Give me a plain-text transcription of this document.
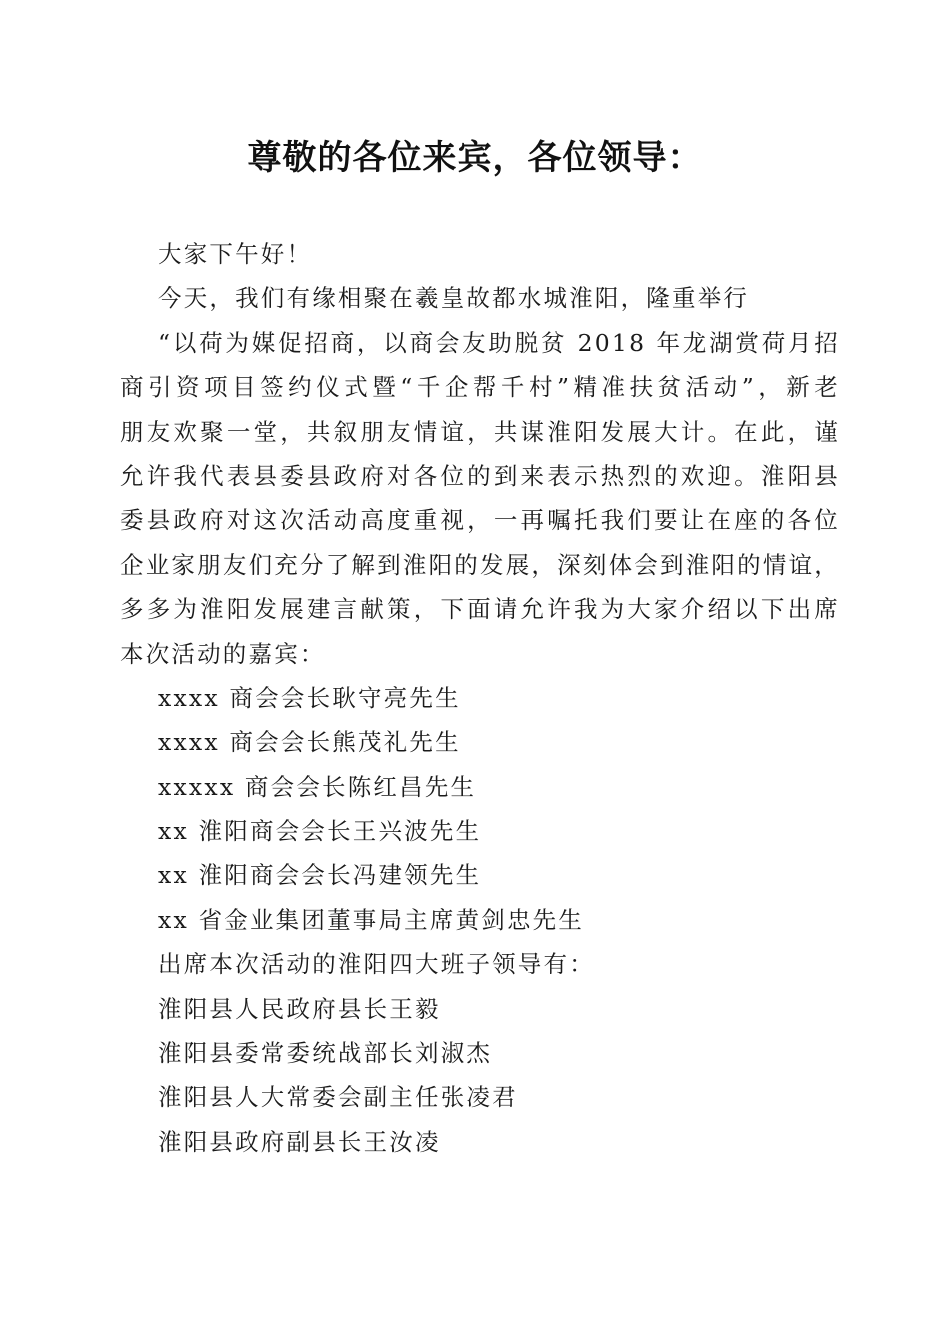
尊敬的各位来宾，各位领导：
大家下午好！
今天，我们有缘相聚在羲皇故都水城淮阳，隆重举行
“以荷为媒促招商，以商会友助脱贫 2018 年龙湖赏荷月招
商引资项目签约仪式暨“千企帮千村”精准扶贫活动”，新老
朋友欢聚一堂，共叙朋友情谊，共谋淮阳发展大计。在此，谨
允许我代表县委县政府对各位的到来表示热烈的欢迎。淮阳县
委县政府对这次活动高度重视，一再嘱托我们要让在座的各位
企业家朋友们充分了解到淮阳的发展，深刻体会到淮阳的情谊，
多多为淮阳发展建言献策，下面请允许我为大家介绍以下出席
本次活动的嘉宾：
xxxx 商会会长耿守亮先生
xxxx 商会会长熊茂礼先生
xxxxx 商会会长陈红昌先生
xx 淮阳商会会长王兴波先生
xx 淮阳商会会长冯建领先生
xx 省金业集团董事局主席黄剑忠先生
出席本次活动的淮阳四大班子领导有：
淮阳县人民政府县长王毅
淮阳县委常委统战部长刘淑杰
淮阳县人大常委会副主任张凌君
淮阳县政府副县长王汝凌
